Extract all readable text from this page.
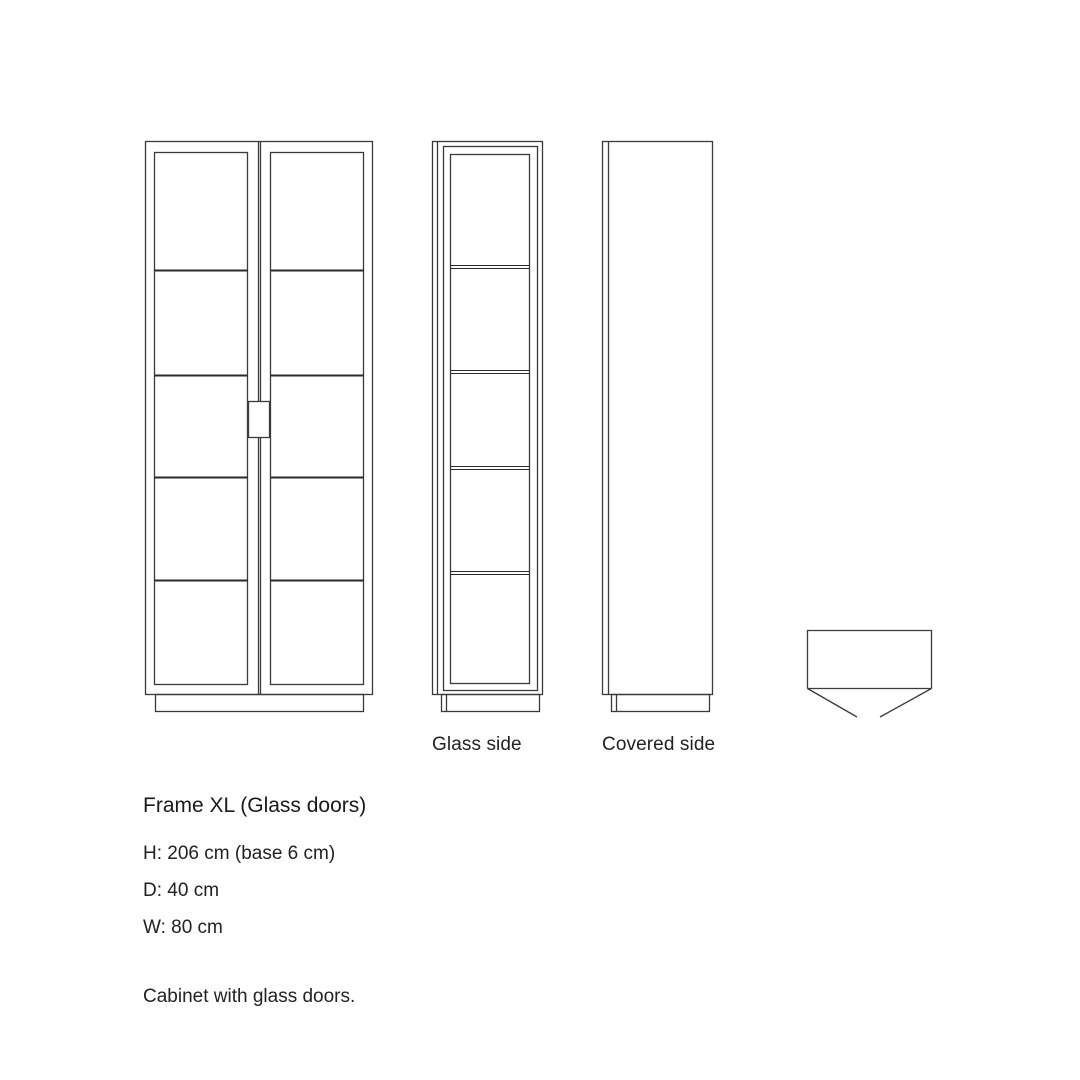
Glass side	Covered side
Frame XL (Glass doors)
H: 206 cm (base 6 cm)
D: 40 cm
W: 80 cm
Cabinet with glass doors.
